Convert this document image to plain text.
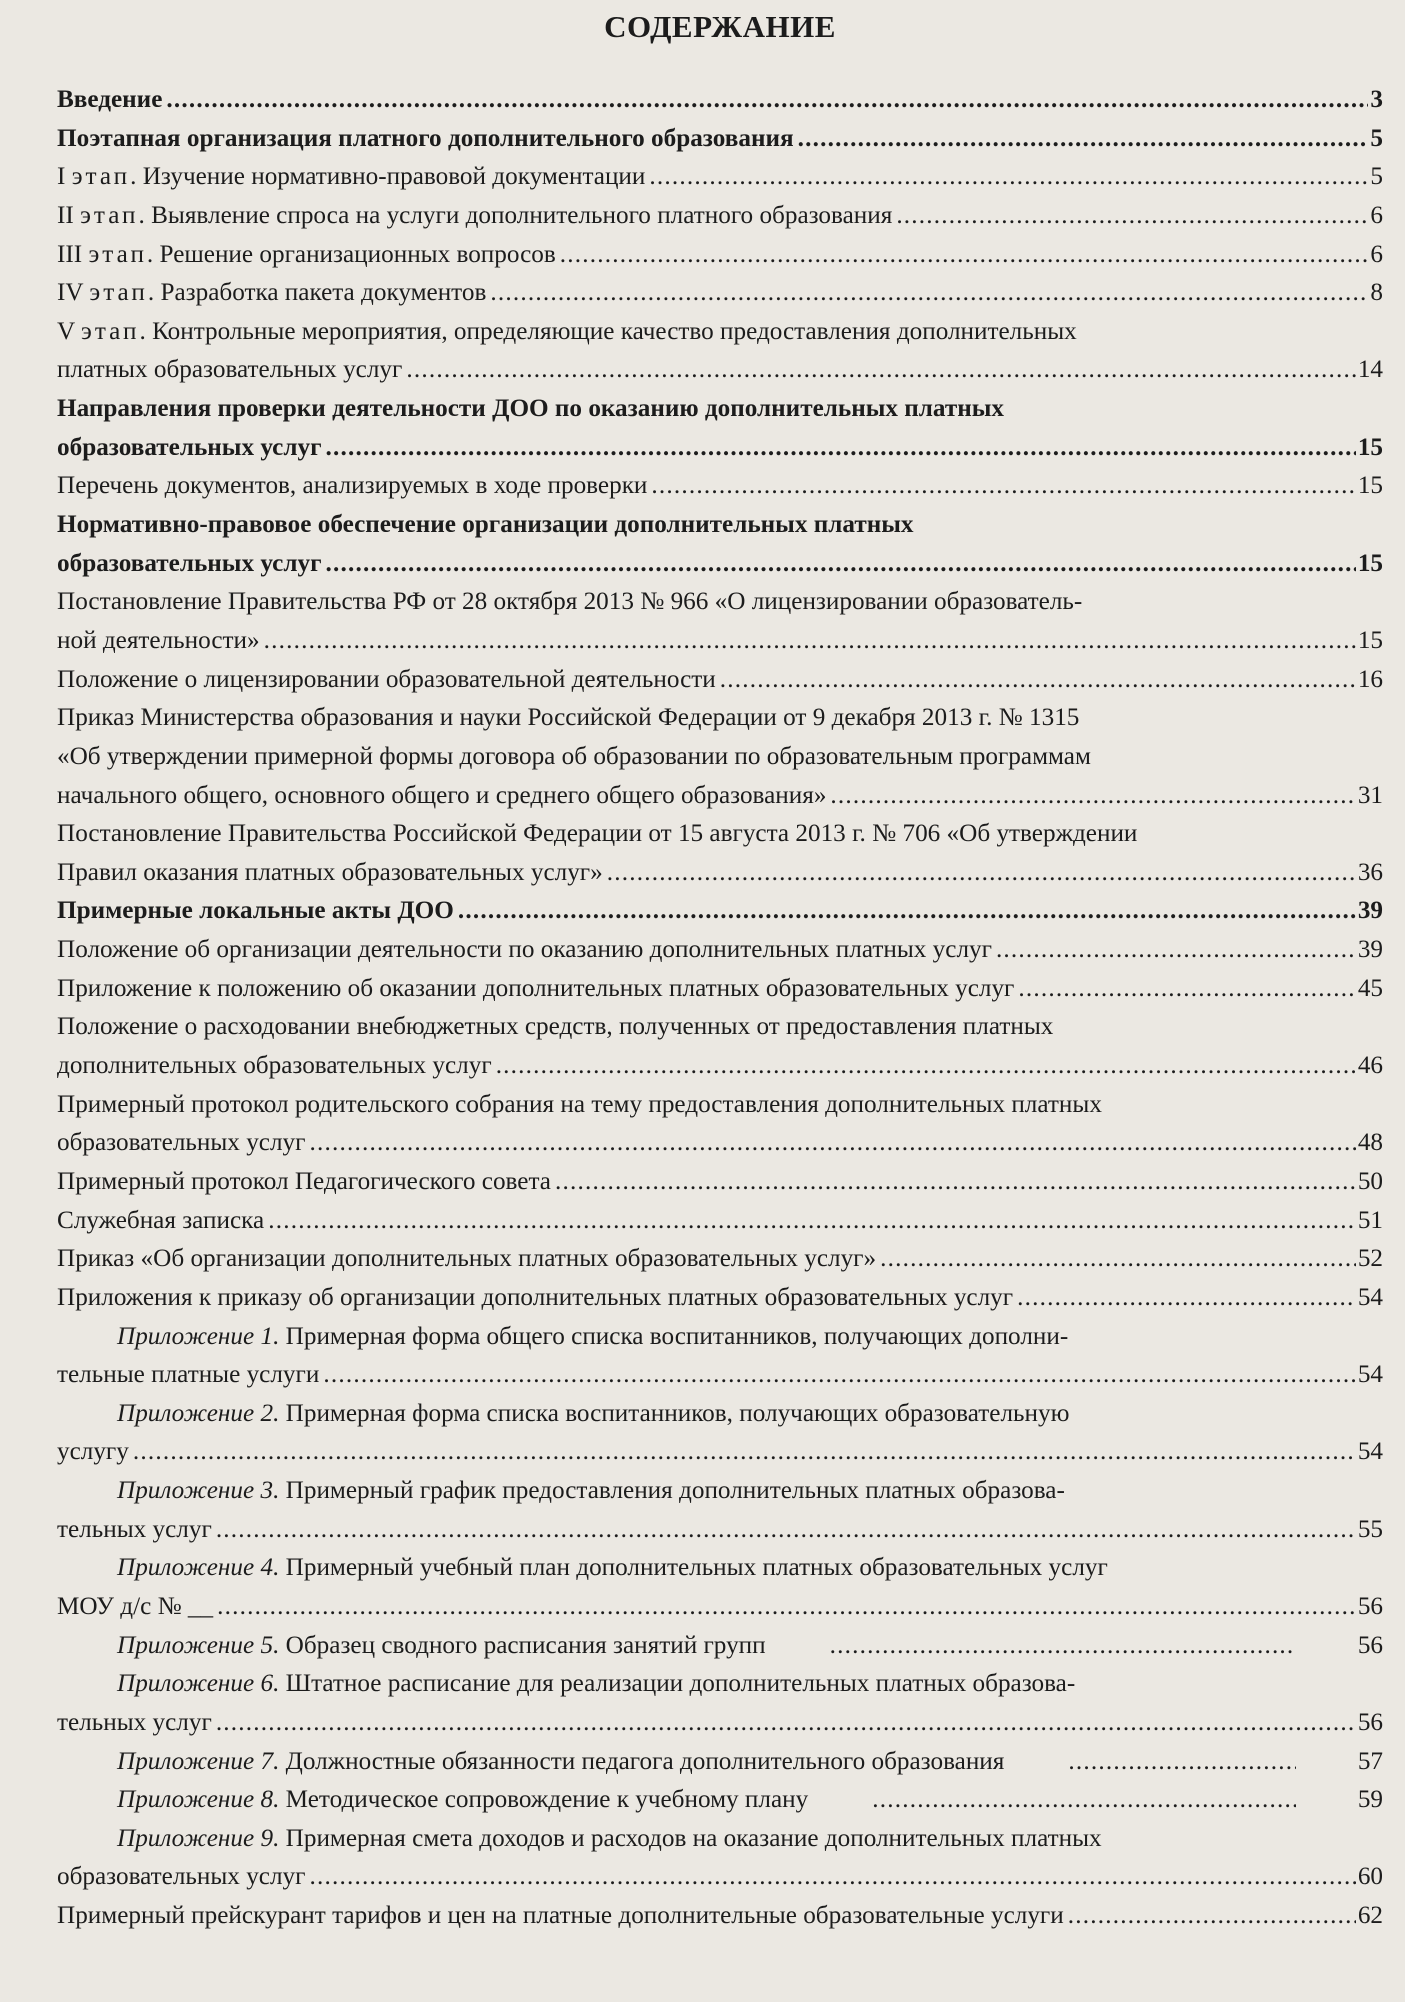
СОДЕРЖАНИЕ
Введение .....	3
Поэтапная организация платного дополнительного образования .....	5
I этап. Изучение нормативно-правовой документации .....	5
II этап. Выявление спроса на услуги дополнительного платного образования .....	6
III этап. Решение организационных вопросов .....	6
IV этап. Разработка пакета документов .....	8
V этап. Контрольные мероприятия, определяющие качество предоставления дополнительных
платных образовательных услуг .....	14
Направления проверки деятельности ДОО по оказанию дополнительных платных
образовательных услуг .....	15
Перечень документов, анализируемых в ходе проверки .....	15
Нормативно-правовое обеспечение организации дополнительных платных
образовательных услуг .....	15
Постановление Правительства РФ от 28 октября 2013 № 966 «О лицензировании образователь-
ной деятельности» .....	15
Положение о лицензировании образовательной деятельности .....	16
Приказ Министерства образования и науки Российской Федерации от 9 декабря 2013 г. № 1315
«Об утверждении примерной формы договора об образовании по образовательным программам
начального общего, основного общего и среднего общего образования» .....	31
Постановление Правительства Российской Федерации от 15 августа 2013 г. № 706 «Об утверждении
Правил оказания платных образовательных услуг» .....	36
Примерные локальные акты ДОО .....	39
Положение об организации деятельности по оказанию дополнительных платных услуг .....	39
Приложение к положению об оказании дополнительных платных образовательных услуг .....	45
Положение о расходовании внебюджетных средств, полученных от предоставления платных
дополнительных образовательных услуг .....	46
Примерный протокол родительского собрания на тему предоставления дополнительных платных
образовательных услуг .....	48
Примерный протокол Педагогического совета .....	50
Служебная записка .....	51
Приказ «Об организации дополнительных платных образовательных услуг» .....	52
Приложения к приказу об организации дополнительных платных образовательных услуг .....	54
Приложение 1. Примерная форма общего списка воспитанников, получающих дополни-
тельные платные услуги .....	54
Приложение 2. Примерная форма списка воспитанников, получающих образовательную
услугу .....	54
Приложение 3. Примерный график предоставления дополнительных платных образова-
тельных услуг .....	55
Приложение 4. Примерный учебный план дополнительных платных образовательных услуг
МОУ д/с № __ .....	56
Приложение 5. Образец сводного расписания занятий групп .....	56
Приложение 6. Штатное расписание для реализации дополнительных платных образова-
тельных услуг .....	56
Приложение 7. Должностные обязанности педагога дополнительного образования .....	57
Приложение 8. Методическое сопровождение к учебному плану .....	59
Приложение 9. Примерная смета доходов и расходов на оказание дополнительных платных
образовательных услуг .....	60
Примерный прейскурант тарифов и цен на платные дополнительные образовательные услуги .....	62
